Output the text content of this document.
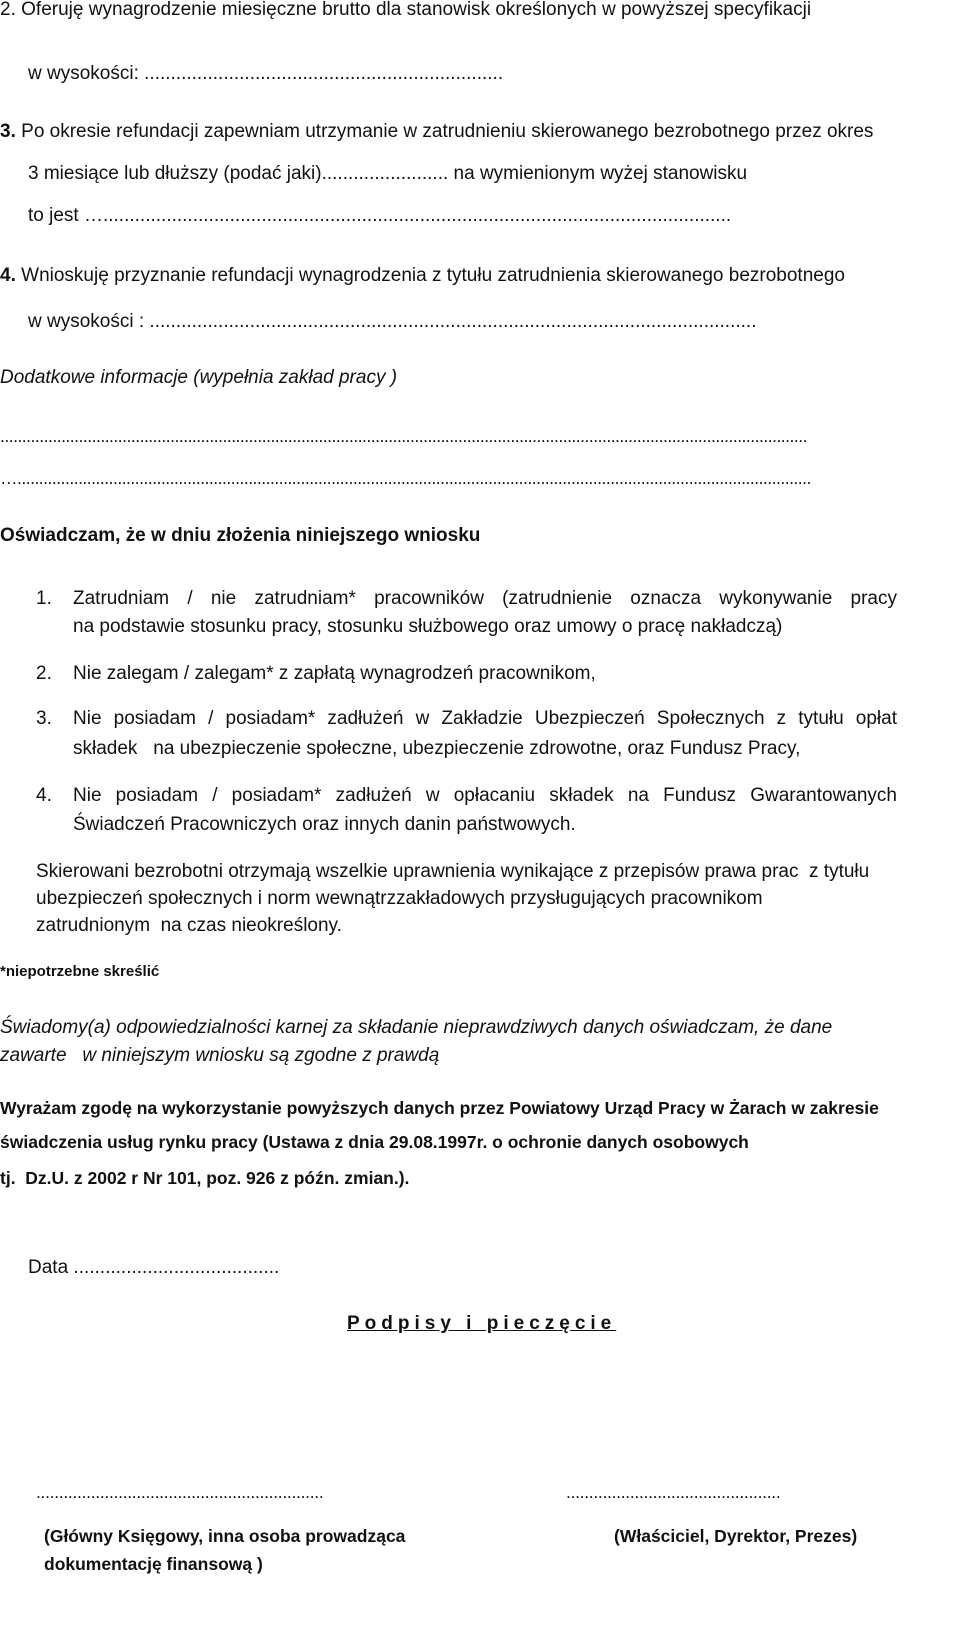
2. Oferuję wynagrodzenie miesięczne brutto dla stanowisk określonych w powyższej specyfikacji
w wysokości: ....................................................................
3. Po okresie refundacji zapewniam utrzymanie w zatrudnieniu skierowanego bezrobotnego przez okres
3 miesiące lub dłuższy (podać jaki)........................ na wymienionym wyżej stanowisku
to jest ….......................................................................................................................
4. Wnioskuję przyznanie refundacji wynagrodzenia z tytułu zatrudnienia skierowanego bezrobotnego
w wysokości : ...................................................................................................................
Dodatkowe informacje (wypełnia zakład pracy )
.........................................................................................................................................................................................
…......................................................................................................................................................................................
Oświadczam, że w dniu złożenia niniejszego wniosku
1. Zatrudniam / nie zatrudniam* pracowników (zatrudnienie oznacza wykonywanie pracy
na podstawie stosunku pracy, stosunku służbowego oraz umowy o pracę nakładczą)
2. Nie zalegam / zalegam* z zapłatą wynagrodzeń pracownikom,
3. Nie posiadam / posiadam* zadłużeń w Zakładzie Ubezpieczeń Społecznych z tytułu opłat
składek   na ubezpieczenie społeczne, ubezpieczenie zdrowotne, oraz Fundusz Pracy,
4. Nie posiadam / posiadam* zadłużeń w opłacaniu składek na Fundusz Gwarantowanych
Świadczeń Pracowniczych oraz innych danin państwowych.
Skierowani bezrobotni otrzymają wszelkie uprawnienia wynikające z przepisów prawa prac  z tytułu
ubezpieczeń społecznych i norm wewnątrzzakładowych przysługujących pracownikom
zatrudnionym  na czas nieokreślony.
*niepotrzebne skreślić
Świadomy(a) odpowiedzialności karnej za składanie nieprawdziwych danych oświadczam, że dane
zawarte   w niniejszym wniosku są zgodne z prawdą
Wyrażam zgodę na wykorzystanie powyższych danych przez Powiatowy Urząd Pracy w Żarach w zakresie
świadczenia usług rynku pracy (Ustawa z dnia 29.08.1997r. o ochronie danych osobowych
tj.  Dz.U. z 2002 r Nr 101, poz. 926 z późn. zmian.).
Data .......................................
Podpisy i pieczęcie
...............................................................	...............................................
(Główny Księgowy, inna osoba prowadząca
dokumentację finansową )
(Właściciel, Dyrektor, Prezes)
